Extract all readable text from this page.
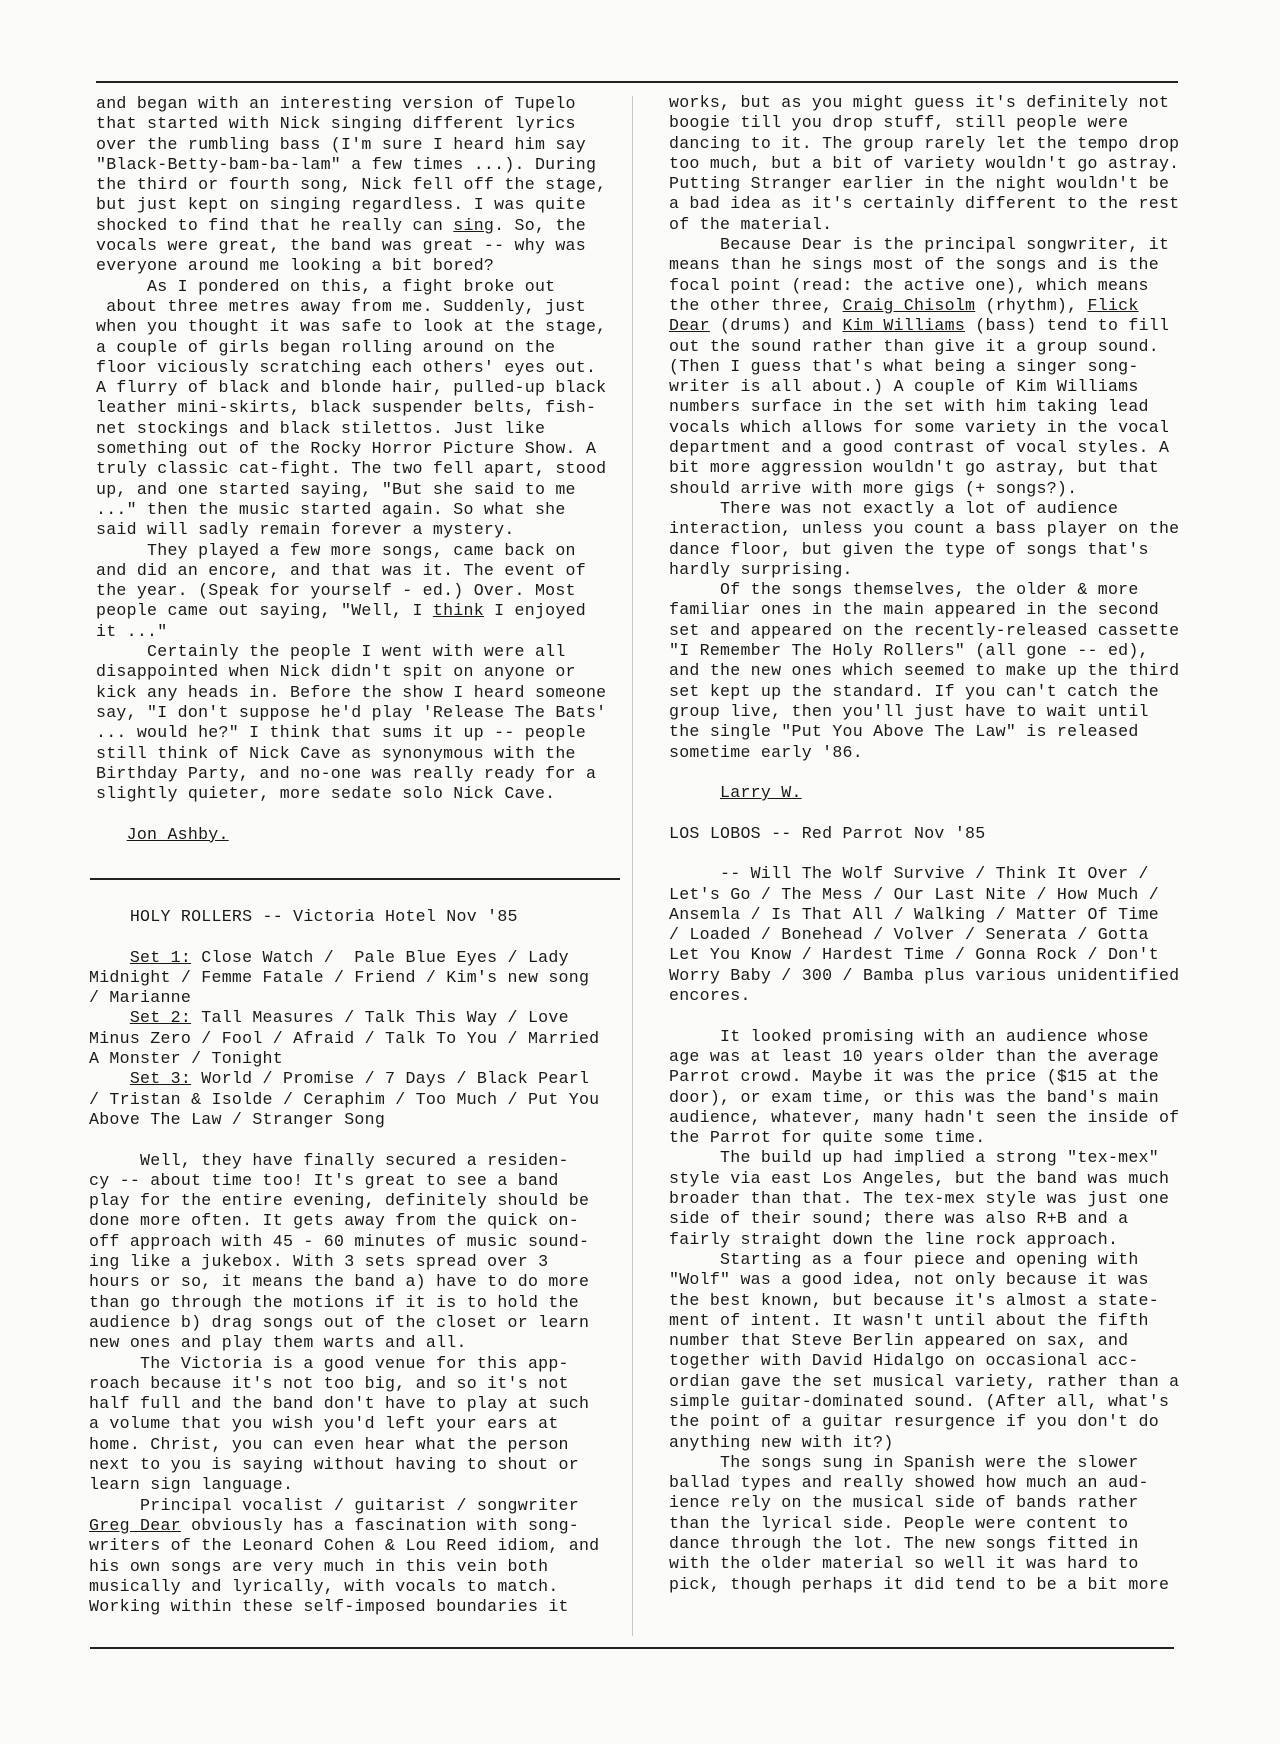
and began with an interesting version of Tupelo
that started with Nick singing different lyrics
over the rumbling bass (I'm sure I heard him say
"Black-Betty-bam-ba-lam" a few times ...). During
the third or fourth song, Nick fell off the stage,
but just kept on singing regardless. I was quite
shocked to find that he really can sing. So, the
vocals were great, the band was great -- why was
everyone around me looking a bit bored?
As I pondered on this, a fight broke out
about three metres away from me. Suddenly, just
when you thought it was safe to look at the stage,
a couple of girls began rolling around on the
floor viciously scratching each others' eyes out.
A flurry of black and blonde hair, pulled-up black
leather mini-skirts, black suspender belts, fish-
net stockings and black stilettos. Just like
something out of the Rocky Horror Picture Show. A
truly classic cat-fight. The two fell apart, stood
up, and one started saying, "But she said to me
..." then the music started again. So what she
said will sadly remain forever a mystery.
They played a few more songs, came back on
and did an encore, and that was it. The event of
the year. (Speak for yourself - ed.) Over. Most
people came out saying, "Well, I think I enjoyed
it ..."
Certainly the people I went with were all
disappointed when Nick didn't spit on anyone or
kick any heads in. Before the show I heard someone
say, "I don't suppose he'd play 'Release The Bats'
... would he?" I think that sums it up -- people
still think of Nick Cave as synonymous with the
Birthday Party, and no-one was really ready for a
slightly quieter, more sedate solo Nick Cave.
Jon Ashby.
HOLY ROLLERS -- Victoria Hotel Nov '85
Set 1: Close Watch /  Pale Blue Eyes / Lady
Midnight / Femme Fatale / Friend / Kim's new song
/ Marianne
Set 2: Tall Measures / Talk This Way / Love
Minus Zero / Fool / Afraid / Talk To You / Married
A Monster / Tonight
Set 3: World / Promise / 7 Days / Black Pearl
/ Tristan & Isolde / Ceraphim / Too Much / Put You
Above The Law / Stranger Song
Well, they have finally secured a residen-
cy -- about time too! It's great to see a band
play for the entire evening, definitely should be
done more often. It gets away from the quick on-
off approach with 45 - 60 minutes of music sound-
ing like a jukebox. With 3 sets spread over 3
hours or so, it means the band a) have to do more
than go through the motions if it is to hold the
audience b) drag songs out of the closet or learn
new ones and play them warts and all.
The Victoria is a good venue for this app-
roach because it's not too big, and so it's not
half full and the band don't have to play at such
a volume that you wish you'd left your ears at
home. Christ, you can even hear what the person
next to you is saying without having to shout or
learn sign language.
Principal vocalist / guitarist / songwriter
Greg Dear obviously has a fascination with song-
writers of the Leonard Cohen & Lou Reed idiom, and
his own songs are very much in this vein both
musically and lyrically, with vocals to match.
Working within these self-imposed boundaries it
works, but as you might guess it's definitely not
boogie till you drop stuff, still people were
dancing to it. The group rarely let the tempo drop
too much, but a bit of variety wouldn't go astray.
Putting Stranger earlier in the night wouldn't be
a bad idea as it's certainly different to the rest
of the material.
Because Dear is the principal songwriter, it
means than he sings most of the songs and is the
focal point (read: the active one), which means
the other three, Craig Chisolm (rhythm), Flick
Dear (drums) and Kim Williams (bass) tend to fill
out the sound rather than give it a group sound.
(Then I guess that's what being a singer song-
writer is all about.) A couple of Kim Williams
numbers surface in the set with him taking lead
vocals which allows for some variety in the vocal
department and a good contrast of vocal styles. A
bit more aggression wouldn't go astray, but that
should arrive with more gigs (+ songs?).
There was not exactly a lot of audience
interaction, unless you count a bass player on the
dance floor, but given the type of songs that's
hardly surprising.
Of the songs themselves, the older & more
familiar ones in the main appeared in the second
set and appeared on the recently-released cassette
"I Remember The Holy Rollers" (all gone -- ed),
and the new ones which seemed to make up the third
set kept up the standard. If you can't catch the
group live, then you'll just have to wait until
the single "Put You Above The Law" is released
sometime early '86.
Larry W.
LOS LOBOS -- Red Parrot Nov '85
-- Will The Wolf Survive / Think It Over /
Let's Go / The Mess / Our Last Nite / How Much /
Ansemla / Is That All / Walking / Matter Of Time
/ Loaded / Bonehead / Volver / Senerata / Gotta
Let You Know / Hardest Time / Gonna Rock / Don't
Worry Baby / 300 / Bamba plus various unidentified
encores.
It looked promising with an audience whose
age was at least 10 years older than the average
Parrot crowd. Maybe it was the price ($15 at the
door), or exam time, or this was the band's main
audience, whatever, many hadn't seen the inside of
the Parrot for quite some time.
The build up had implied a strong "tex-mex"
style via east Los Angeles, but the band was much
broader than that. The tex-mex style was just one
side of their sound; there was also R+B and a
fairly straight down the line rock approach.
Starting as a four piece and opening with
"Wolf" was a good idea, not only because it was
the best known, but because it's almost a state-
ment of intent. It wasn't until about the fifth
number that Steve Berlin appeared on sax, and
together with David Hidalgo on occasional acc-
ordian gave the set musical variety, rather than a
simple guitar-dominated sound. (After all, what's
the point of a guitar resurgence if you don't do
anything new with it?)
The songs sung in Spanish were the slower
ballad types and really showed how much an aud-
ience rely on the musical side of bands rather
than the lyrical side. People were content to
dance through the lot. The new songs fitted in
with the older material so well it was hard to
pick, though perhaps it did tend to be a bit more
